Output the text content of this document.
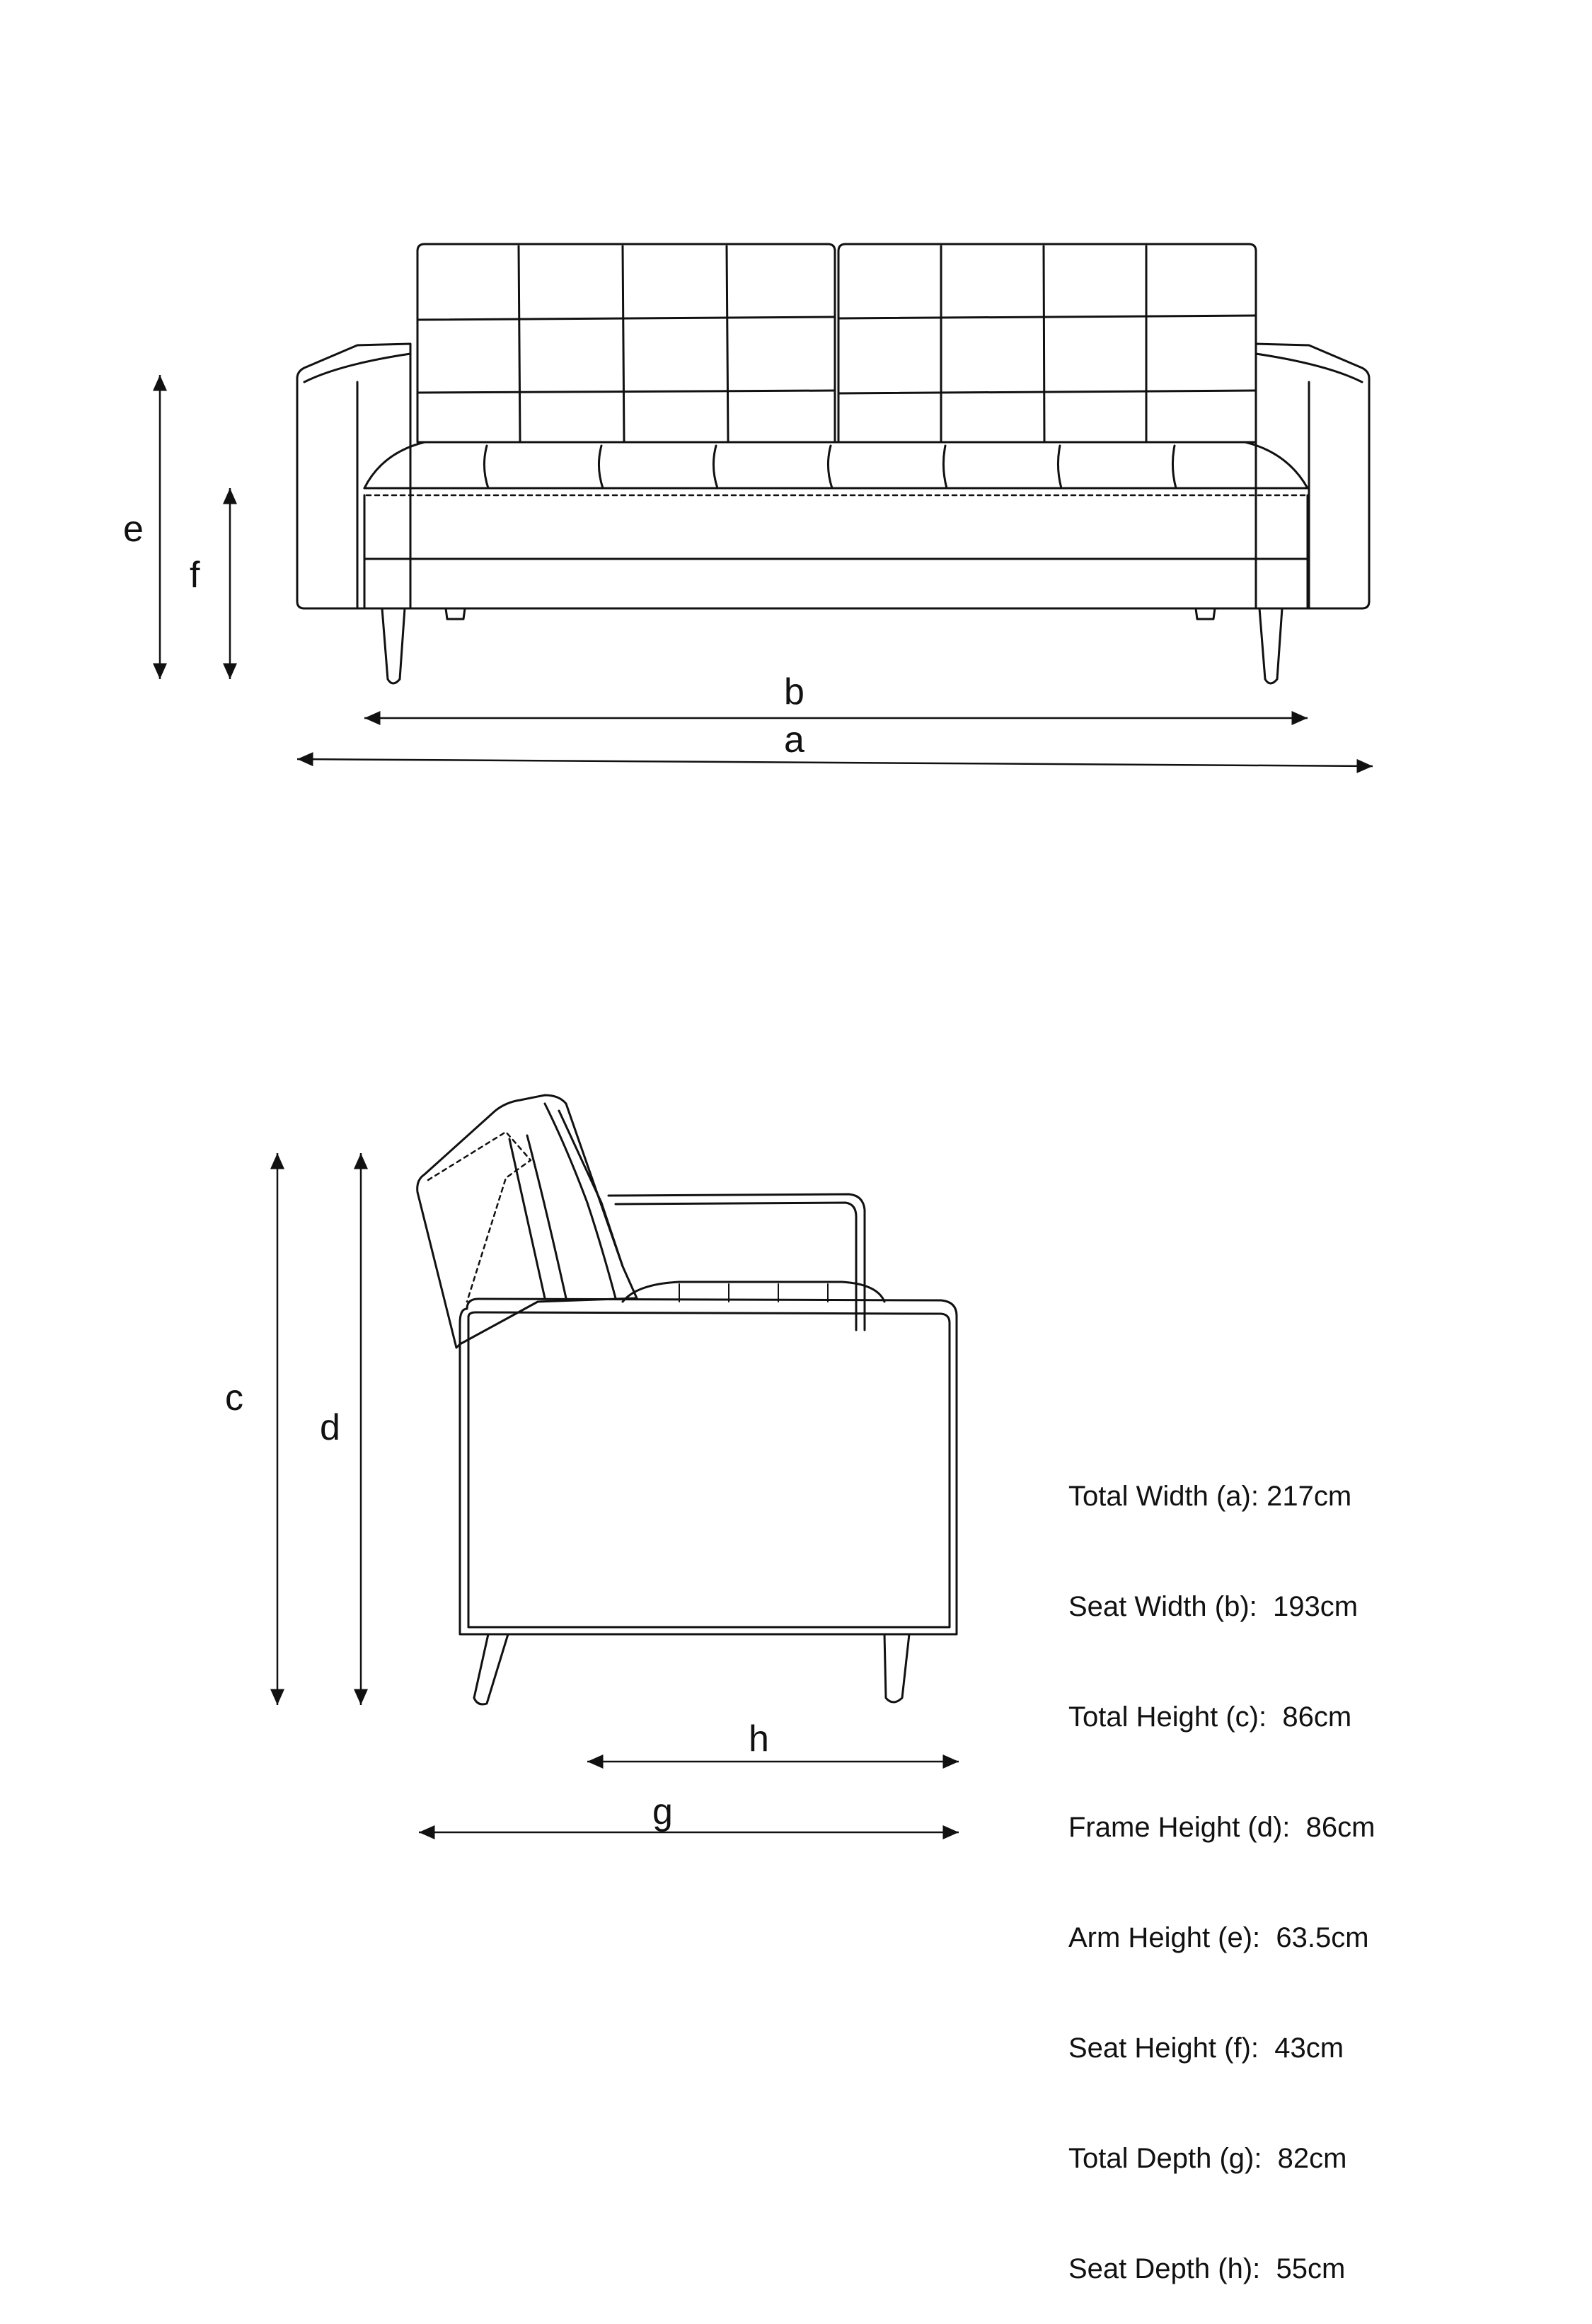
e
f
b
a
c
d
h
g

Total Width (a): 217cm

Seat Width (b):  193cm

Total Height (c):  86cm

Frame Height (d):  86cm

Arm Height (e):  63.5cm

Seat Height (f):  43cm

Total Depth (g):  82cm

Seat Depth (h):  55cm
